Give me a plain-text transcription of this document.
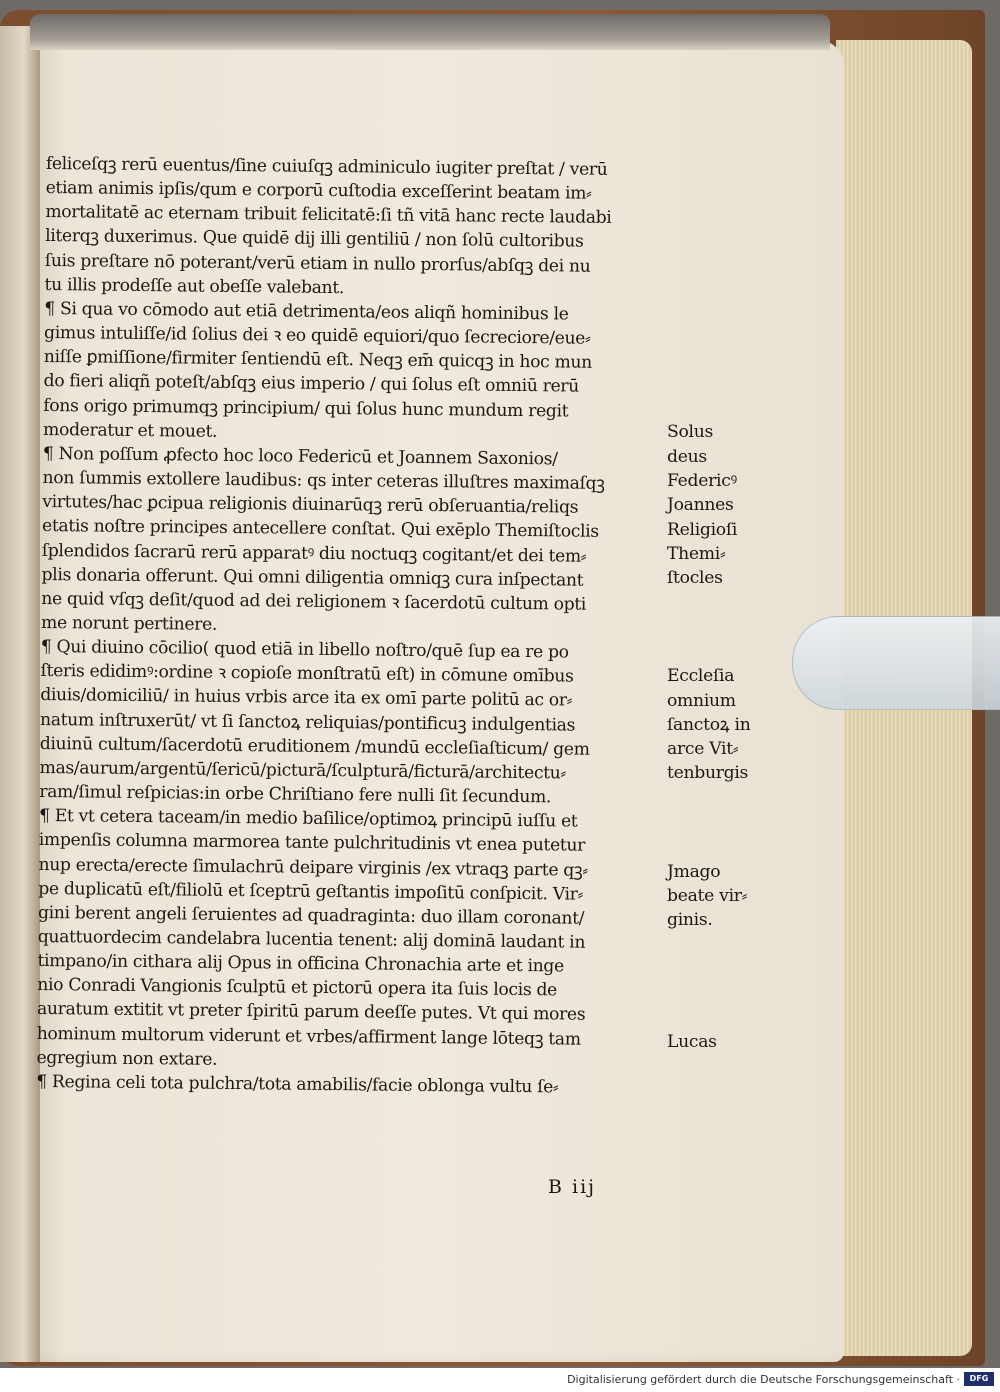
feliceſqꝫ rerū euentus/ſine cuiuſqꝫ adminiculo iugiter preſtat / verū
etiam animis ipſis/qum e corporū cuſtodia exceſſerint beatam im⸗
mortalitatē ac eternam tribuit felicitatē:ſi tñ vitā hanc recte laudabi
literqꝫ duxerimus. Que quidē dij illi gentiliū / non ſolū cultoribus
ſuis preſtare nō poterant/verū etiam in nullo prorſus/abſqꝫ dei nu
tu illis prodeſſe aut obeſſe valebant.
¶ Si qua vo cōmodo aut etiā detrimenta/eos aliqñ hominibus le
gimus intuliſſe/id ſolius dei ꝛ eo quidē equiori/quo ſecreciore/eue⸗
niſſe ꝑmiſſione/firmiter ſentiendū eſt. Neqꝫ em̄ quicqꝫ in hoc mun
do fieri aliqñ poteſt/abſqꝫ eius imperio / qui ſolus eſt omniū rerū
fons origo primumqꝫ principium/ qui ſolus hunc mundum regit
moderatur et mouet.
¶ Non poſſum ꝓfecto hoc loco Federicū et Joannem Saxonios/
non ſummis extollere laudibus: qs inter ceteras illuſtres maximaſqꝫ
virtutes/hac ꝑcipua religionis diuinarūqꝫ rerū obſeruantia/reliqs
etatis noſtre principes antecellere conſtat. Qui exēplo Themiſtoclis
ſplendidos ſacrarū rerū apparatꝰ diu noctuqꝫ cogitant/et dei tem⸗
plis donaria offerunt. Qui omni diligentia omniqꝫ cura inſpectant
ne quid vſqꝫ deſit/quod ad dei religionem ꝛ ſacerdotū cultum opti
me norunt pertinere.
¶ Qui diuino cōcilio( quod etiā in libello noſtro/quē ſup ea re po
ſteris edidimꝰ:ordine ꝛ copioſe monſtratū eſt) in cōmune omībus
diuis/domiciliū/ in huius vrbis arce ita ex omī parte politū ac or⸗
natum inſtruxerūt/ vt ſi ſanctoꝝ reliquias/pontificuꝫ indulgentias
diuinū cultum/ſacerdotū eruditionem /mundū eccleſiaſticum/ gem
mas/aurum/argentū/ſericū/picturā/ſculpturā/ficturā/architectu⸗
ram/ſimul reſpicias:in orbe Chriſtiano fere nulli ſit ſecundum.
¶ Et vt cetera taceam/in medio baſilice/optimoꝝ principū iuſſu et
impenſis columna marmorea tante pulchritudinis vt enea putetur
nup erecta/erecte ſimulachrū deipare virginis /ex vtraqꝫ parte qꝫ⸗
pe duplicatū eſt/filiolū et ſceptrū geſtantis impoſitū conſpicit. Vir⸗
gini berent angeli ſeruientes ad quadraginta: duo illam coronant/
quattuordecim candelabra lucentia tenent: alij dominā laudant in
timpano/in cithara alij Opus in officina Chronachia arte et inge
nio Conradi Vangionis ſculptū et pictorū opera ita ſuis locis de
auratum extitit vt preter ſpiritū parum deeſſe putes. Vt qui mores
hominum multorum viderunt et vrbes/affirment lange lōteqꝫ tam
egregium non extare.
¶ Regina celi tota pulchra/tota amabilis/facie oblonga vultu ſe⸗
Solus
deus
Federicꝰ
Joannes
Religioſi
Themi⸗
ſtocles
Eccleſia
omnium
ſanctoꝝ in
arce Vit⸗
tenburgis
Jmago
beate vir⸗
ginis.
Lucas
B iij
Digitalisierung gefördert durch die Deutsche Forschungsgemeinschaft ·	DFG
